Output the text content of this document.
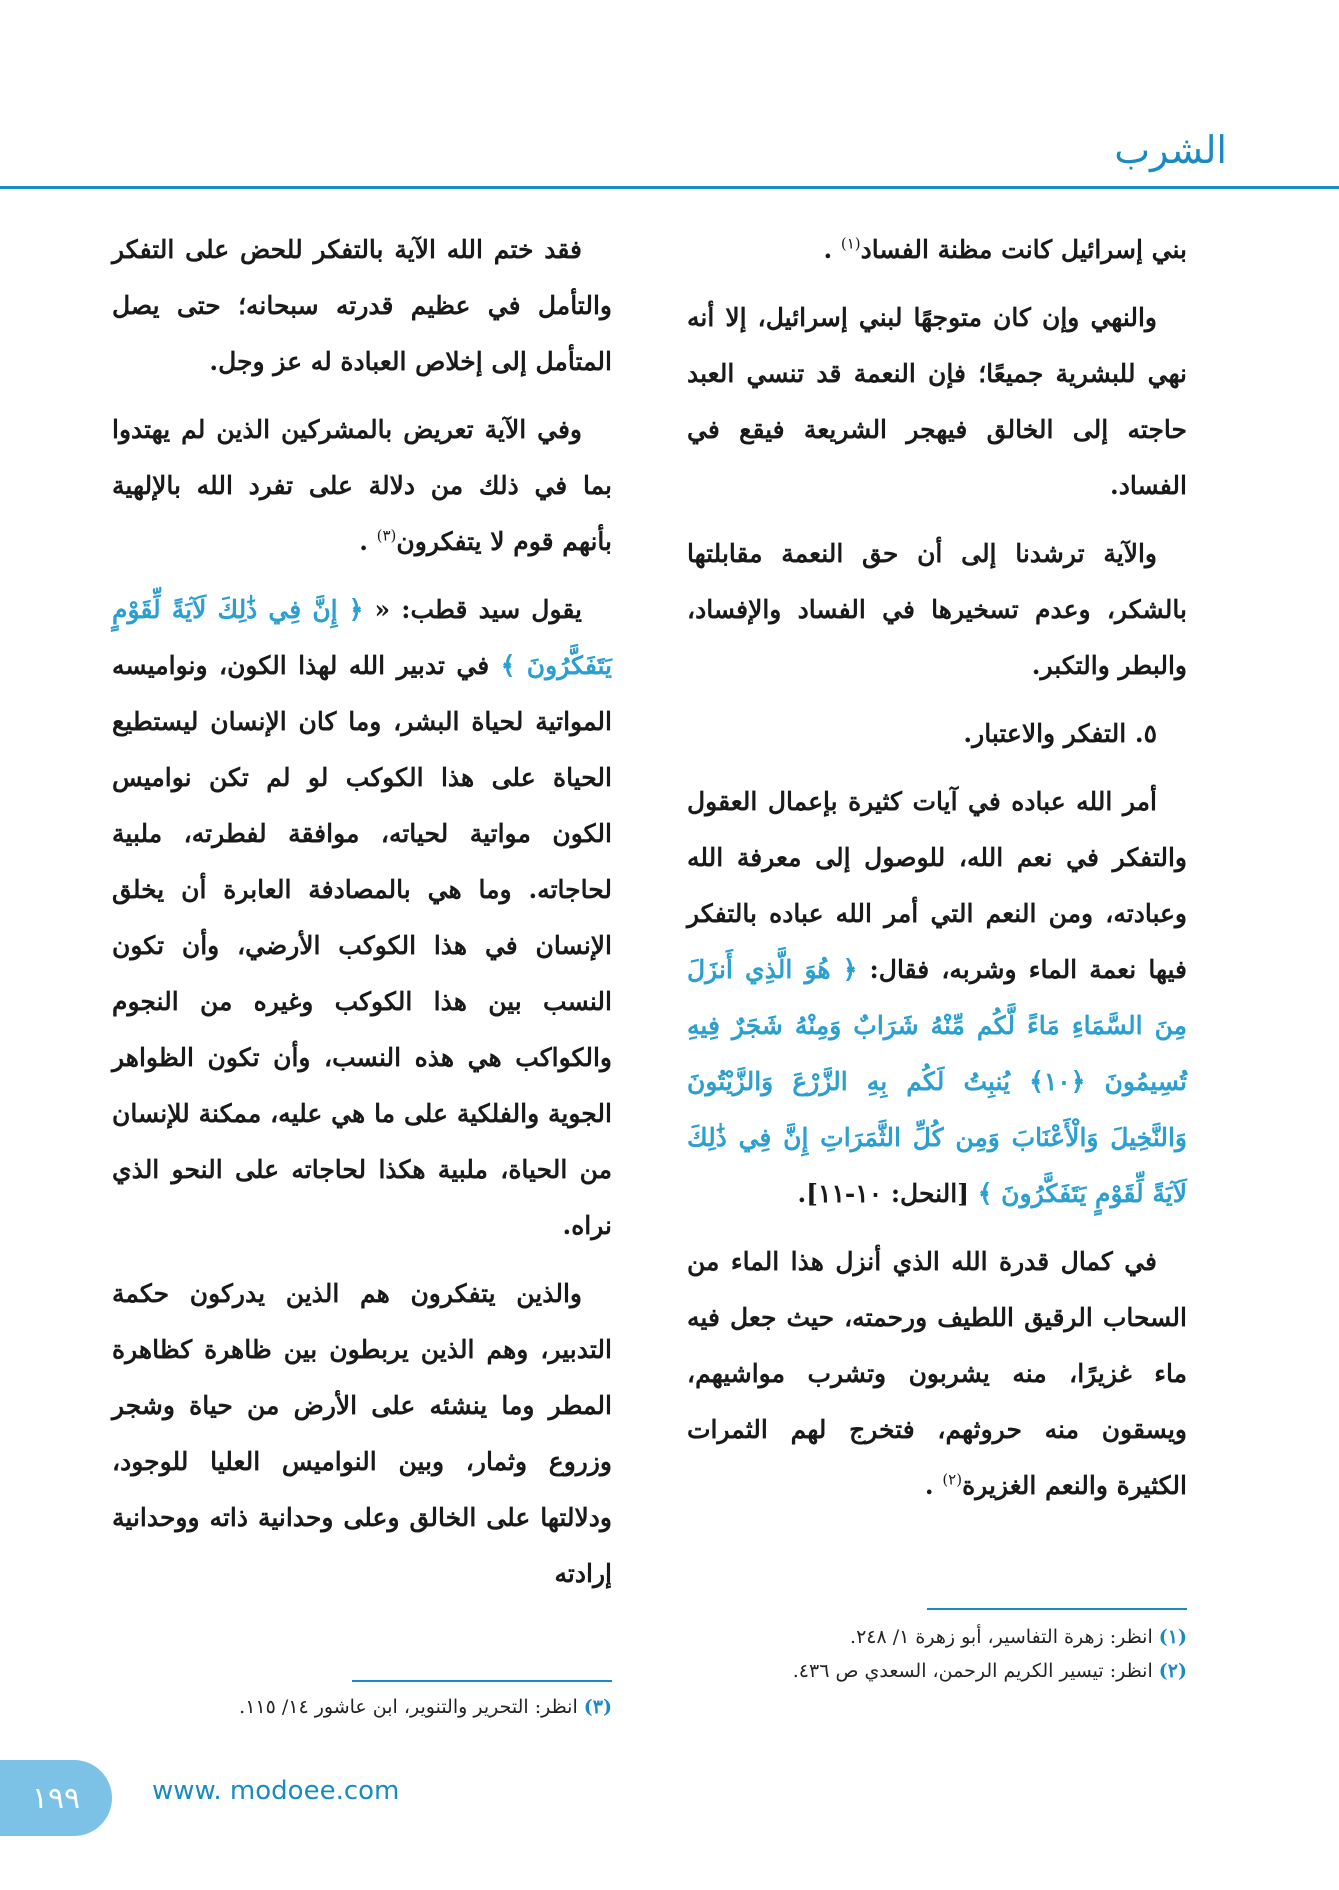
الشرب

بني إسرائيل كانت مظنة الفساد$^{(١)}$ .

والنهي وإن كان متوجهًا لبني إسرائيل، إلا أنه نهي للبشرية جميعًا؛ فإن النعمة قد تنسي العبد حاجته إلى الخالق فيهجر الشريعة فيقع في الفساد.

والآية ترشدنا إلى أن حق النعمة مقابلتها بالشكر، وعدم تسخيرها في الفساد والإفساد، والبطر والتكبر.

٥. التفكر والاعتبار.

أمر الله عباده في آيات كثيرة بإعمال العقول والتفكر في نعم الله، للوصول إلى معرفة الله وعبادته، ومن النعم التي أمر الله عباده بالتفكر فيها نعمة الماء وشربه، فقال: ﴿ هُوَ الَّذِي أَنزَلَ مِنَ السَّمَاءِ مَاءً لَّكُم مِّنْهُ شَرَابٌ وَمِنْهُ شَجَرٌ فِيهِ تُسِيمُونَ ﴿١٠﴾ يُنبِتُ لَكُم بِهِ الزَّرْعَ وَالزَّيْتُونَ وَالنَّخِيلَ وَالْأَعْنَابَ وَمِن كُلِّ الثَّمَرَاتِ إِنَّ فِي ذَٰلِكَ لَآيَةً لِّقَوْمٍ يَتَفَكَّرُونَ ﴾ [النحل: ١٠-١١].

في كمال قدرة الله الذي أنزل هذا الماء من السحاب الرقيق اللطيف ورحمته، حيث جعل فيه ماء غزيرًا، منه يشربون وتشرب مواشيهم، ويسقون منه حروثهم، فتخرج لهم الثمرات الكثيرة والنعم الغزيرة$^{(٢)}$ .

فقد ختم الله الآية بالتفكر للحض على التفكر والتأمل في عظيم قدرته سبحانه؛ حتى يصل المتأمل إلى إخلاص العبادة له عز وجل.

وفي الآية تعريض بالمشركين الذين لم يهتدوا بما في ذلك من دلالة على تفرد الله بالإلهية بأنهم قوم لا يتفكرون$^{(٣)}$ .

يقول سيد قطب: « ﴿ إِنَّ فِي ذَٰلِكَ لَآيَةً لِّقَوْمٍ يَتَفَكَّرُونَ ﴾ في تدبير الله لهذا الكون، ونواميسه المواتية لحياة البشر، وما كان الإنسان ليستطيع الحياة على هذا الكوكب لو لم تكن نواميس الكون مواتية لحياته، موافقة لفطرته، ملبية لحاجاته. وما هي بالمصادفة العابرة أن يخلق الإنسان في هذا الكوكب الأرضي، وأن تكون النسب بين هذا الكوكب وغيره من النجوم والكواكب هي هذه النسب، وأن تكون الظواهر الجوية والفلكية على ما هي عليه، ممكنة للإنسان من الحياة، ملبية هكذا لحاجاته على النحو الذي نراه.

والذين يتفكرون هم الذين يدركون حكمة التدبير، وهم الذين يربطون بين ظاهرة كظاهرة المطر وما ينشئه على الأرض من حياة وشجر وزروع وثمار، وبين النواميس العليا للوجود، ودلالتها على الخالق وعلى وحدانية ذاته ووحدانية إرادته

(١) انظر: زهرة التفاسير، أبو زهرة ١/ ٢٤٨.
(٢) انظر: تيسير الكريم الرحمن، السعدي ص ٤٣٦.
(٣) انظر: التحرير والتنوير، ابن عاشور ١٤/ ١١٥.
١٩٩	www. modoee.com
